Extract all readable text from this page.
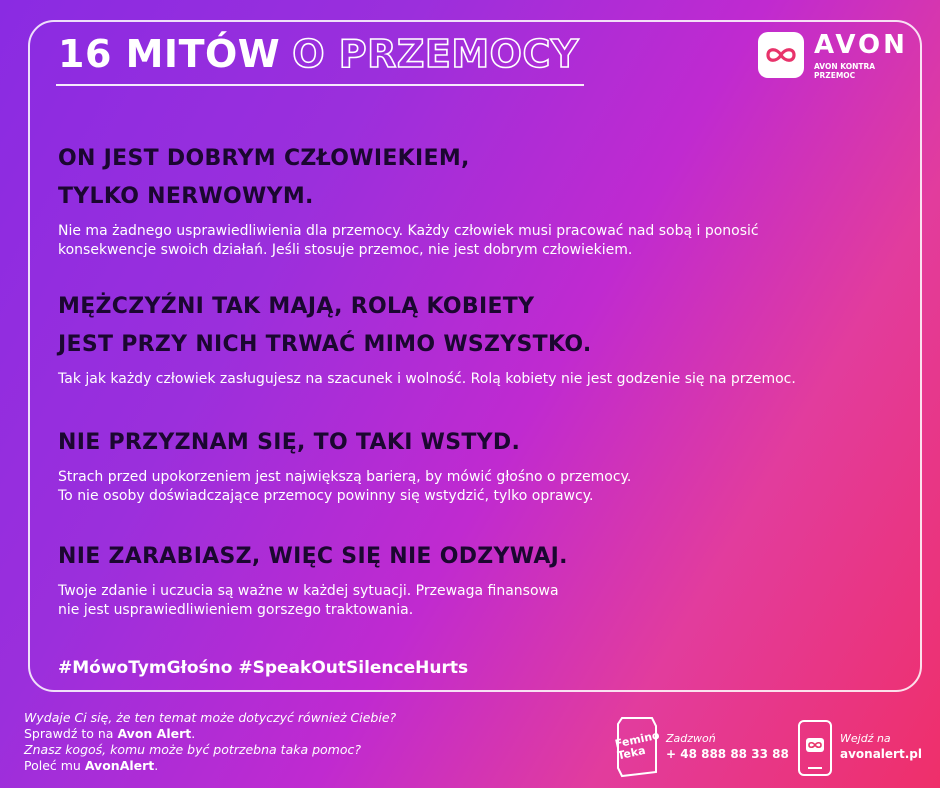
16 MITÓW O PRZEMOCY	AVON
AVON KONTRA PRZEMOC
ON JEST DOBRYM CZŁOWIEKIEM,
TYLKO NERWOWYM.

Nie ma żadnego usprawiedliwienia dla przemocy. Każdy człowiek musi pracować nad sobą i ponosić
konsekwencje swoich działań. Jeśli stosuje przemoc, nie jest dobrym człowiekiem.

MĘŻCZYŹNI TAK MAJĄ, ROLĄ KOBIETY
JEST PRZY NICH TRWAĆ MIMO WSZYSTKO.

Tak jak każdy człowiek zasługujesz na szacunek i wolność. Rolą kobiety nie jest godzenie się na przemoc.

NIE PRZYZNAM SIĘ, TO TAKI WSTYD.

Strach przed upokorzeniem jest największą barierą, by mówić głośno o przemocy.
To nie osoby doświadczające przemocy powinny się wstydzić, tylko oprawcy.

NIE ZARABIASZ, WIĘC SIĘ NIE ODZYWAJ.

Twoje zdanie i uczucia są ważne w każdej sytuacji. Przewaga finansowa
nie jest usprawiedliwieniem gorszego traktowania.

#MówoTymGłośno #SpeakOutSilenceHurts
Wydaje Ci się, że ten temat może dotyczyć również Ciebie?
Sprawdź to na Avon Alert.
Znasz kogoś, komu może być potrzebna taka pomoc?
Poleć mu AvonAlert.
Femino Teka
Zadzwoń
+ 48 888 88 33 88
Wejdź na
avonalert.pl
